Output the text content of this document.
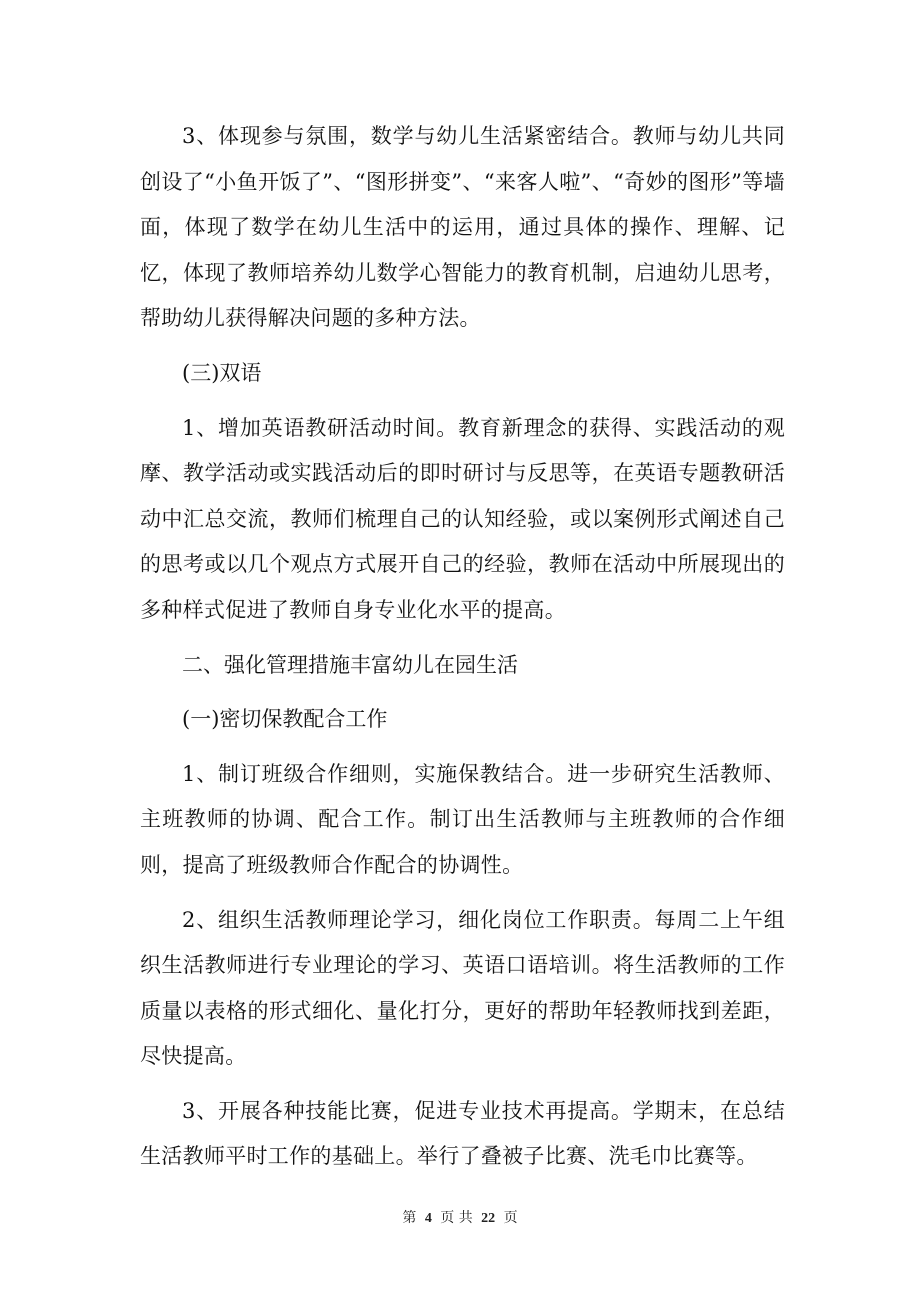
3、体现参与氛围，数学与幼儿生活紧密结合。教师与幼儿共同创设了“小鱼开饭了”、“图形拼变”、“来客人啦”、“奇妙的图形”等墙面，体现了数学在幼儿生活中的运用，通过具体的操作、理解、记忆，体现了教师培养幼儿数学心智能力的教育机制，启迪幼儿思考，帮助幼儿获得解决问题的多种方法。

(三)双语

1、增加英语教研活动时间。教育新理念的获得、实践活动的观摩、教学活动或实践活动后的即时研讨与反思等，在英语专题教研活动中汇总交流，教师们梳理自己的认知经验，或以案例形式阐述自己的思考或以几个观点方式展开自己的经验，教师在活动中所展现出的多种样式促进了教师自身专业化水平的提高。

二、强化管理措施丰富幼儿在园生活

(一)密切保教配合工作

1、制订班级合作细则，实施保教结合。进一步研究生活教师、主班教师的协调、配合工作。制订出生活教师与主班教师的合作细则，提高了班级教师合作配合的协调性。

2、组织生活教师理论学习，细化岗位工作职责。每周二上午组织生活教师进行专业理论的学习、英语口语培训。将生活教师的工作质量以表格的形式细化、量化打分，更好的帮助年轻教师找到差距，尽快提高。

3、开展各种技能比赛，促进专业技术再提高。学期末，在总结生活教师平时工作的基础上。举行了叠被子比赛、洗毛巾比赛等。

第 4 页 共 22 页
